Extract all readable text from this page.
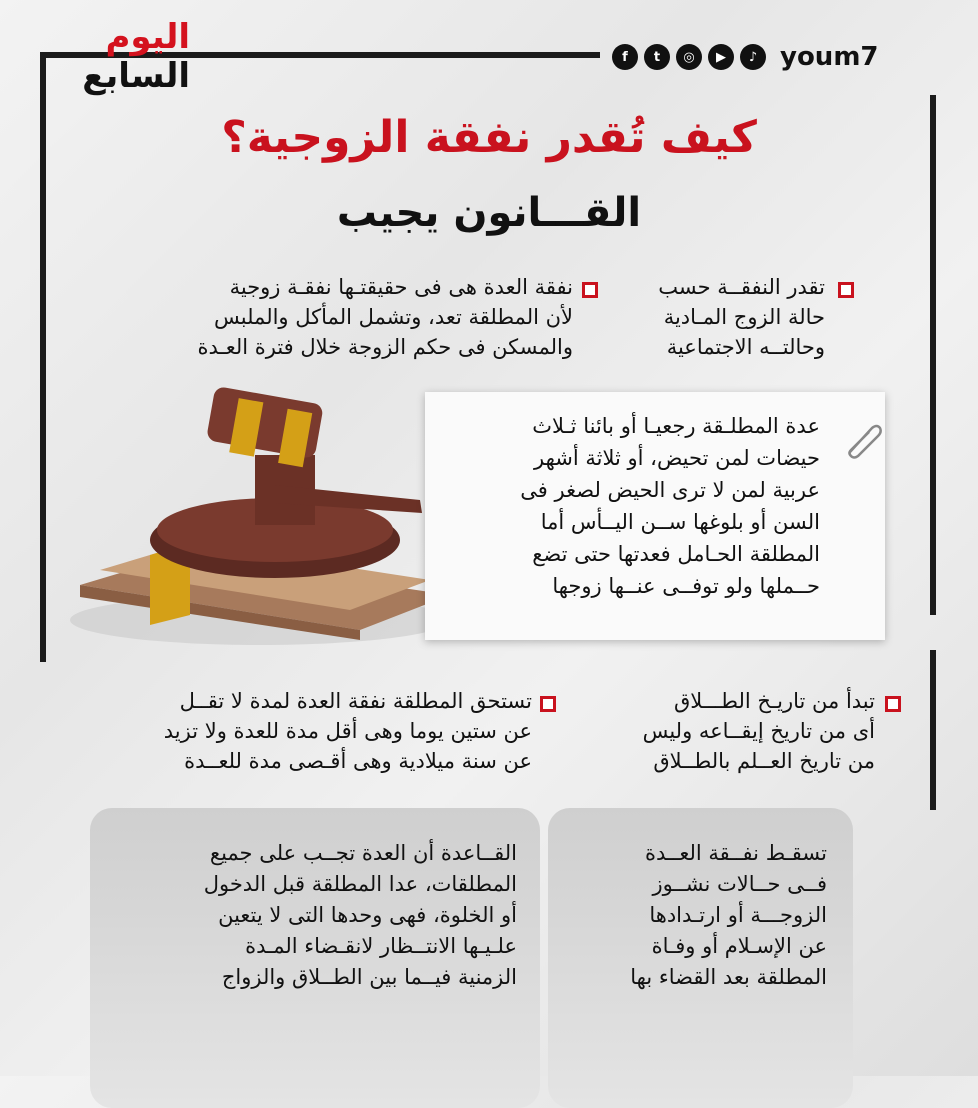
اليوم
السابع	f	t	◎	▶	♪ youm7
كيف تُقدر نفقة الزوجية؟
القـــانون يجيب

تقدر النفقــة حسب

حالة الزوج المـادية

وحالتــه الاجتماعية

نفقة العدة هى فى حقيقتـها نفقـة زوجية

لأن المطلقة تعد، وتشمل المأكل والملبس

والمسكن فى حكم الزوجة خلال فترة العـدة

عدة المطلـقة رجعيـا أو بائنا ثـلاث

حيضات لمن تحيض، أو ثلاثة أشهر

عربية لمن لا ترى الحيض لصغر فى

السن أو بلوغها ســن اليــأس أما

المطلقة الحـامل فعدتها حتى تضع

حــملها ولو توفــى عنــها زوجها

تبدأ من تاريـخ الطـــلاق

أى من تاريخ إيقــاعه وليس

من تاريخ العــلم بالطــلاق

تستحق المطلقة نفقة العدة لمدة لا تقــل

عن ستين يوما وهى أقل مدة للعدة ولا تزيد

عن سنة ميلادية وهى أقـصى مدة للعــدة

تسقـط نفــقة العــدة

فــى حــالات نشــوز

الزوجـــة أو ارتـدادها

عن الإسـلام أو وفـاة

المطلقة بعد القضاء بها

القــاعدة أن العدة تجــب على جميع

المطلقات، عدا المطلقة قبل الدخول

أو الخلوة، فهى وحدها التى لا يتعين

علـيـها الانتــظار لانقـضاء المـدة

الزمنية فيــما بين الطــلاق والزواج
